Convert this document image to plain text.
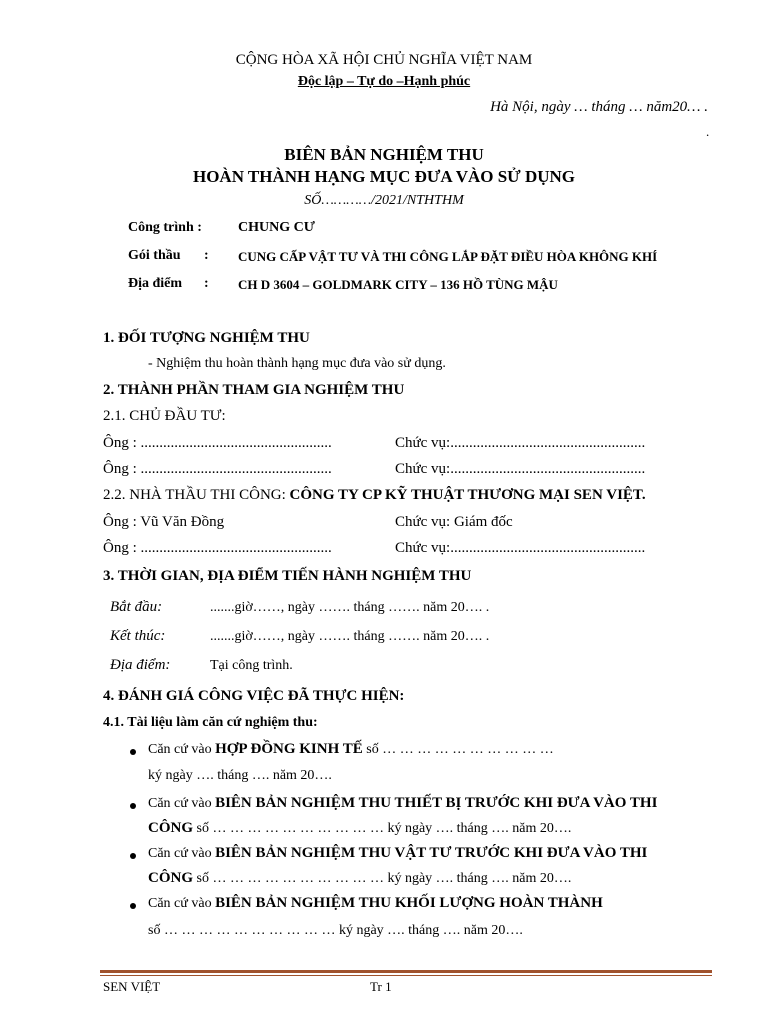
CỘNG HÒA XÃ HỘI CHỦ NGHĨA VIỆT NAM
Độc lập – Tự do –Hạnh phúc
Hà Nội, ngày … tháng … năm20… .
.
BIÊN BẢN NGHIỆM THU
HOÀN THÀNH HẠNG MỤC ĐƯA VÀO SỬ DỤNG
SỐ…………/2021/NTHTHM
Công trình :	CHUNG CƯ
Gói thầu : CUNG CẤP VẬT TƯ VÀ THI CÔNG LẮP ĐẶT ĐIỀU HÒA KHÔNG KHÍ
Địa điểm : CH D 3604 – GOLDMARK CITY – 136 HỒ TÙNG MẬU
1. ĐỐI TƯỢNG NGHIỆM THU
- Nghiệm thu hoàn thành hạng mục đưa vào sử dụng.
2. THÀNH PHẦN THAM GIA NGHIỆM THU
2.1. CHỦ ĐẦU TƯ:
Ông : ...................................................	Chức vụ:....................................................
Ông : ...................................................	Chức vụ:....................................................
2.2. NHÀ THẦU THI CÔNG: CÔNG TY CP KỸ THUẬT THƯƠNG MẠI SEN VIỆT.
Ông : Vũ Văn Đồng	Chức vụ: Giám đốc
Ông : ...................................................	Chức vụ:....................................................
3. THỜI GIAN, ĐỊA ĐIỂM TIẾN HÀNH NGHIỆM THU
Bắt đầu:	.......giờ……, ngày ……. tháng ……. năm 20…. .
Kết thúc:	.......giờ……, ngày ……. tháng ……. năm 20…. .
Địa điểm:	Tại công trình.
4. ĐÁNH GIÁ CÔNG VIỆC ĐÃ THỰC HIỆN:
4.1. Tài liệu làm căn cứ nghiệm thu:
Căn cứ vào HỢP ĐỒNG KINH TẾ số … … … … … … … … … …
ký ngày …. tháng …. năm 20….
Căn cứ vào BIÊN BẢN NGHIỆM THU THIẾT BỊ TRƯỚC KHI ĐƯA VÀO THI
CÔNG số … … … … … … … … … … ký ngày …. tháng …. năm 20….
Căn cứ vào BIÊN BẢN NGHIỆM THU VẬT TƯ TRƯỚC KHI ĐƯA VÀO THI
CÔNG số … … … … … … … … … … ký ngày …. tháng …. năm 20….
Căn cứ vào BIÊN BẢN NGHIỆM THU KHỐI LƯỢNG HOÀN THÀNH
số … … … … … … … … … … ký ngày …. tháng …. năm 20….
SEN VIỆT	Tr 1
